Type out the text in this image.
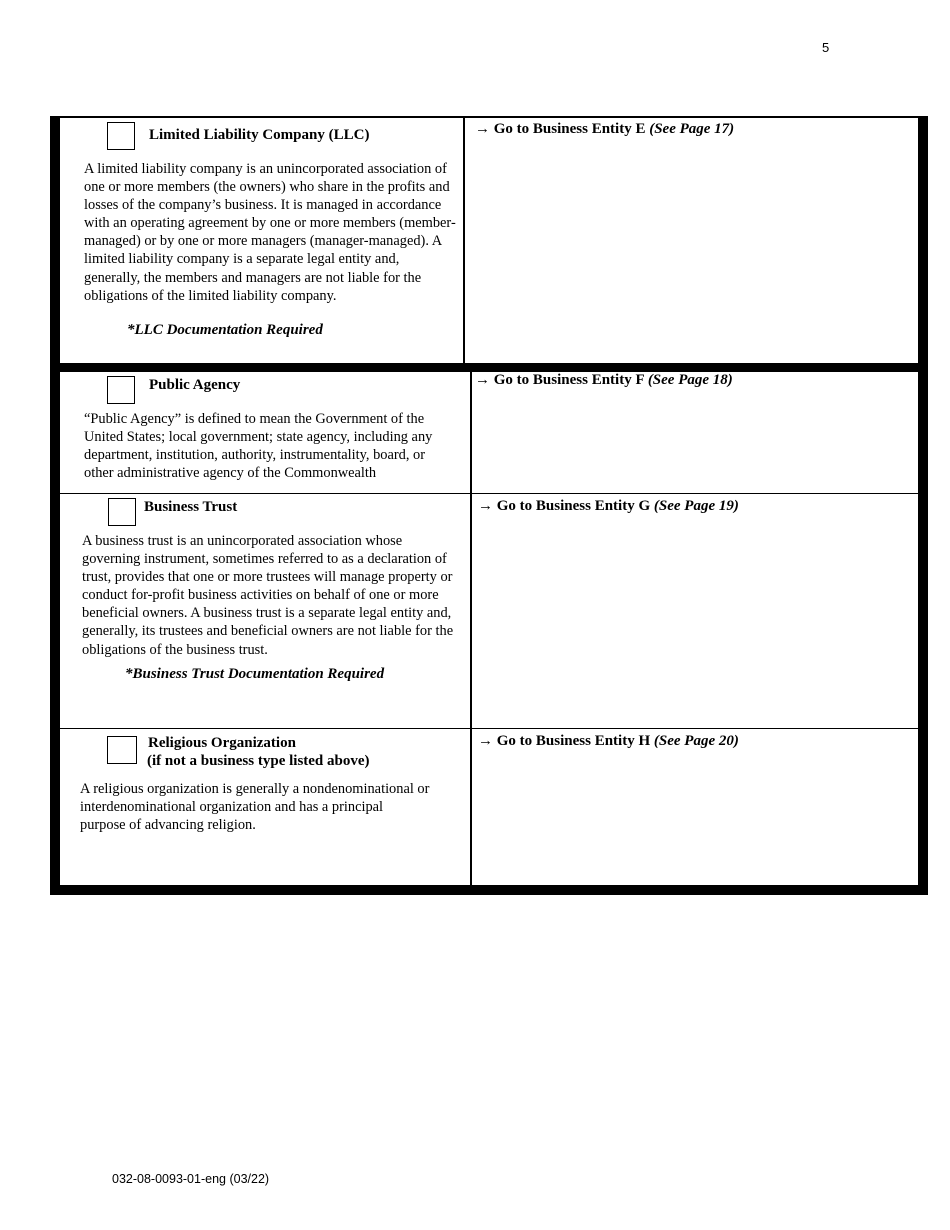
5
Limited Liability Company (LLC)
A limited liability company is an unincorporated association of one or more members (the owners) who share in the profits and losses of the company’s business. It is managed in accordance with an operating agreement by one or more members (member-managed) or by one or more managers (manager-managed). A limited liability company is a separate legal entity and, generally, the members and managers are not liable for the obligations of the limited liability company.
*LLC Documentation Required
→ Go to Business Entity E (See Page 17)
Public Agency
“Public Agency” is defined to mean the Government of the United States; local government; state agency, including any department, institution, authority, instrumentality, board, or other administrative agency of the Commonwealth
→ Go to Business Entity F (See Page 18)
Business Trust
A business trust is an unincorporated association whose governing instrument, sometimes referred to as a declaration of trust, provides that one or more trustees will manage property or conduct for-profit business activities on behalf of one or more beneficial owners. A business trust is a separate legal entity and, generally, its trustees and beneficial owners are not liable for the obligations of the business trust.
*Business Trust Documentation Required
→ Go to Business Entity G (See Page 19)
Religious Organization
(if not a business type listed above)
A religious organization is generally a nondenominational or interdenominational organization and has a principal purpose of advancing religion.
→ Go to Business Entity H (See Page 20)
032-08-0093-01-eng (03/22)
